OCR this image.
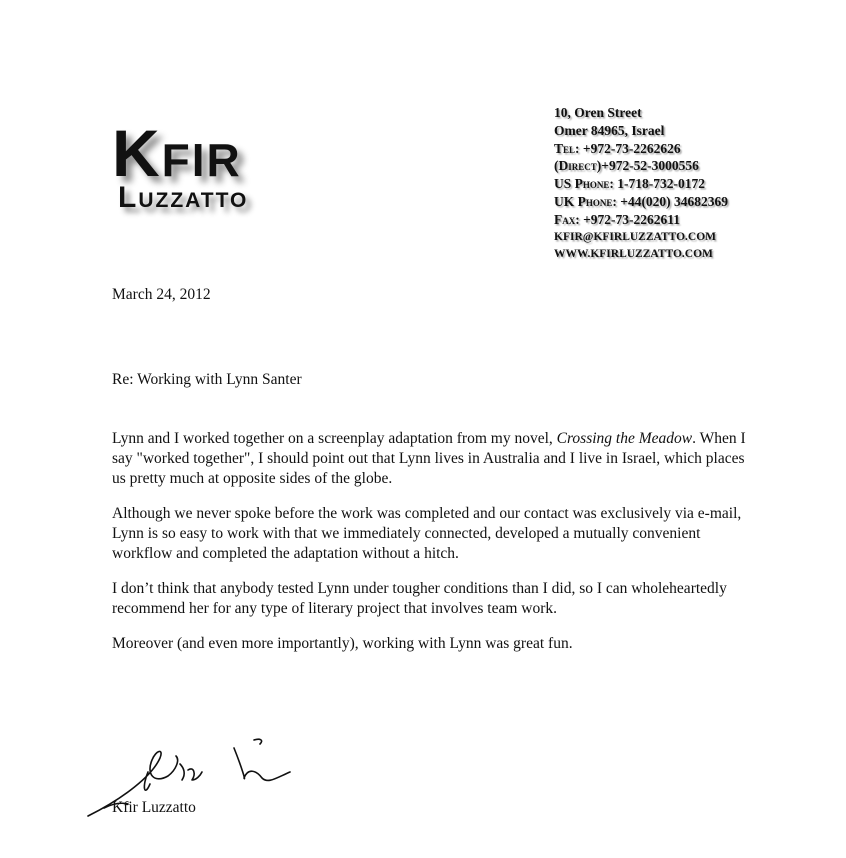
Kfir
Luzzatto
10, Oren Street
Omer 84965, Israel
Tel: +972-73-2262626
(Direct)+972-52-3000556
US Phone: 1-718-732-0172
UK Phone: +44(020) 34682369
Fax: +972-73-2262611
KFIR@KFIRLUZZATTO.COM
WWW.KFIRLUZZATTO.COM
March 24, 2012
Re: Working with Lynn Santer

Lynn and I worked together on a screenplay adaptation from my novel, Crossing the Meadow. When I say "worked together", I should point out that Lynn lives in Australia and I live in Israel, which places us pretty much at opposite sides of the globe.

Although we never spoke before the work was completed and our contact was exclusively via e-mail, Lynn is so easy to work with that we immediately connected, developed a mutually convenient workflow and completed the adaptation without a hitch.

I don’t think that anybody tested Lynn under tougher conditions than I did, so I can wholeheartedly recommend her for any type of literary project that involves team work.

Moreover (and even more importantly), working with Lynn was great fun.

Kfir Luzzatto
